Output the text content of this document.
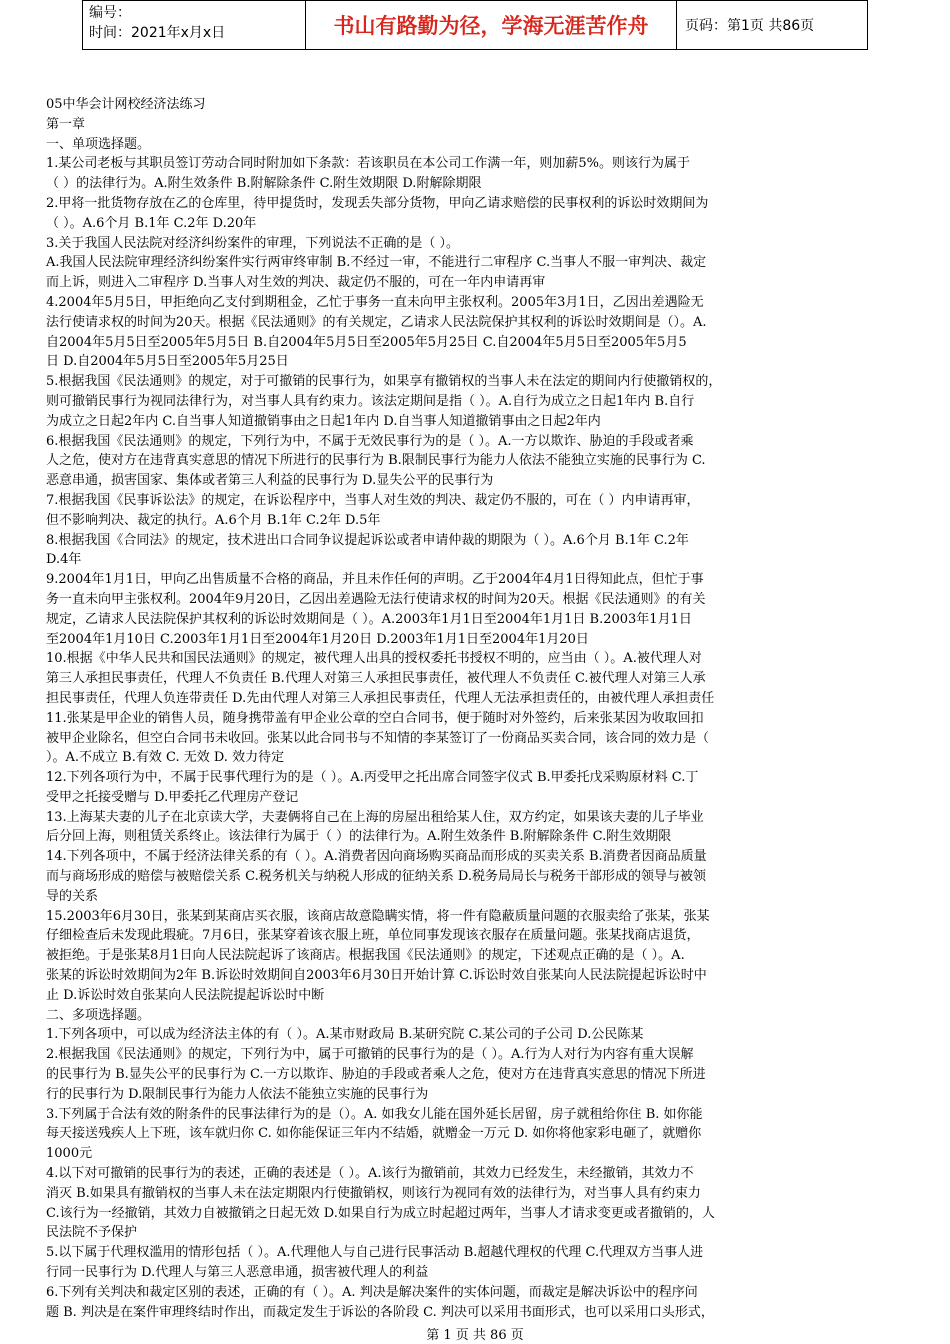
编号：
时间：2021年x月x日	书山有路勤为径，学海无涯苦作舟	页码：第1页 共86页

05中华会计网校经济法练习

第一章

一、单项选择题。

1.某公司老板与其职员签订劳动合同时附加如下条款：若该职员在本公司工作满一年，则加薪5%。则该行为属于

（ ）的法律行为。A.附生效条件 B.附解除条件 C.附生效期限 D.附解除期限

2.甲将一批货物存放在乙的仓库里，待甲提货时，发现丢失部分货物，甲向乙请求赔偿的民事权利的诉讼时效期间为

（ ）。A.6个月 B.1年 C.2年 D.20年

3.关于我国人民法院对经济纠纷案件的审理，下列说法不正确的是（ ）。

A.我国人民法院审理经济纠纷案件实行两审终审制 B.不经过一审，不能进行二审程序 C.当事人不服一审判决、裁定

而上诉，则进入二审程序 D.当事人对生效的判决、裁定仍不服的，可在一年内申请再审

4.2004年5月5日，甲拒绝向乙支付到期租金，乙忙于事务一直未向甲主张权利。2005年3月1日，乙因出差遇险无

法行使请求权的时间为20天。根据《民法通则》的有关规定，乙请求人民法院保护其权利的诉讼时效期间是（）。A.

自2004年5月5日至2005年5月5日 B.自2004年5月5日至2005年5月25日 C.自2004年5月5日至2005年5月5

日 D.自2004年5月5日至2005年5月25日

5.根据我国《民法通则》的规定，对于可撤销的民事行为，如果享有撤销权的当事人未在法定的期间内行使撤销权的，

则可撤销民事行为视同法律行为，对当事人具有约束力。该法定期间是指（ ）。A.自行为成立之日起1年内 B.自行

为成立之日起2年内 C.自当事人知道撤销事由之日起1年内 D.自当事人知道撤销事由之日起2年内

6.根据我国《民法通则》的规定，下列行为中，不属于无效民事行为的是（ ）。A.一方以欺诈、胁迫的手段或者乘

人之危，使对方在违背真实意思的情况下所进行的民事行为 B.限制民事行为能力人依法不能独立实施的民事行为 C.

恶意串通，损害国家、集体或者第三人利益的民事行为 D.显失公平的民事行为

7.根据我国《民事诉讼法》的规定，在诉讼程序中，当事人对生效的判决、裁定仍不服的，可在（ ）内申请再审，

但不影响判决、裁定的执行。A.6个月 B.1年 C.2年 D.5年

8.根据我国《合同法》的规定，技术进出口合同争议提起诉讼或者申请仲裁的期限为（ ）。A.6个月 B.1年 C.2年

D.4年

9.2004年1月1日，甲向乙出售质量不合格的商品，并且未作任何的声明。乙于2004年4月1日得知此点，但忙于事

务一直未向甲主张权利。2004年9月20日，乙因出差遇险无法行使请求权的时间为20天。根据《民法通则》的有关

规定，乙请求人民法院保护其权利的诉讼时效期间是（ ）。A.2003年1月1日至2004年1月1日 B.2003年1月1日

至2004年1月10日 C.2003年1月1日至2004年1月20日 D.2003年1月1日至2004年1月20日

10.根据《中华人民共和国民法通则》的规定，被代理人出具的授权委托书授权不明的，应当由（ ）。A.被代理人对

第三人承担民事责任，代理人不负责任 B.代理人对第三人承担民事责任，被代理人不负责任 C.被代理人对第三人承

担民事责任，代理人负连带责任 D.先由代理人对第三人承担民事责任，代理人无法承担责任的，由被代理人承担责任

11.张某是甲企业的销售人员，随身携带盖有甲企业公章的空白合同书，便于随时对外签约，后来张某因为收取回扣

被甲企业除名，但空白合同书未收回。张某以此合同书与不知情的李某签订了一份商品买卖合同，该合同的效力是（

）。A.不成立 B.有效 C. 无效 D. 效力待定

12.下列各项行为中，不属于民事代理行为的是（ ）。A.丙受甲之托出席合同签字仪式 B.甲委托戊采购原材料 C.丁

受甲之托接受赠与 D.甲委托乙代理房产登记

13.上海某夫妻的儿子在北京读大学，夫妻俩将自己在上海的房屋出租给某人住，双方约定，如果该夫妻的儿子毕业

后分回上海，则租赁关系终止。该法律行为属于（ ）的法律行为。A.附生效条件 B.附解除条件 C.附生效期限

14.下列各项中，不属于经济法律关系的有（ ）。A.消费者因向商场购买商品而形成的买卖关系 B.消费者因商品质量

而与商场形成的赔偿与被赔偿关系 C.税务机关与纳税人形成的征纳关系 D.税务局局长与税务干部形成的领导与被领

导的关系

15.2003年6月30日，张某到某商店买衣服，该商店故意隐瞒实情，将一件有隐蔽质量问题的衣服卖给了张某，张某

仔细检查后未发现此瑕疵。7月6日，张某穿着该衣服上班，单位同事发现该衣服存在质量问题。张某找商店退货，

被拒绝。于是张某8月1日向人民法院起诉了该商店。根据我国《民法通则》的规定，下述观点正确的是（ ）。A.

张某的诉讼时效期间为2年 B.诉讼时效期间自2003年6月30日开始计算 C.诉讼时效自张某向人民法院提起诉讼时中

止 D.诉讼时效自张某向人民法院提起诉讼时中断

二、多项选择题。

1.下列各项中，可以成为经济法主体的有（ ）。A.某市财政局 B.某研究院 C.某公司的子公司 D.公民陈某

2.根据我国《民法通则》的规定，下列行为中，属于可撤销的民事行为的是（ ）。A.行为人对行为内容有重大误解

的民事行为 B.显失公平的民事行为 C.一方以欺诈、胁迫的手段或者乘人之危，使对方在违背真实意思的情况下所进

行的民事行为 D.限制民事行为能力人依法不能独立实施的民事行为

3.下列属于合法有效的附条件的民事法律行为的是（）。A. 如我女儿能在国外延长居留，房子就租给你住 B. 如你能

每天接送残疾人上下班，该车就归你 C. 如你能保证三年内不结婚，就赠金一万元 D. 如你将他家彩电砸了，就赠你

1000元

4.以下对可撤销的民事行为的表述，正确的表述是（ ）。A.该行为撤销前，其效力已经发生，未经撤销，其效力不

消灭 B.如果具有撤销权的当事人未在法定期限内行使撤销权，则该行为视同有效的法律行为，对当事人具有约束力

C.该行为一经撤销，其效力自被撤销之日起无效 D.如果自行为成立时起超过两年，当事人才请求变更或者撤销的，人

民法院不予保护

5.以下属于代理权滥用的情形包括（ ）。A.代理他人与自己进行民事活动 B.超越代理权的代理 C.代理双方当事人进

行同一民事行为 D.代理人与第三人恶意串通，损害被代理人的利益

6.下列有关判决和裁定区别的表述，正确的有（ ）。A. 判决是解决案件的实体问题，而裁定是解决诉讼中的程序问

题 B. 判决是在案件审理终结时作出，而裁定发生于诉讼的各阶段 C. 判决可以采用书面形式，也可以采用口头形式，

第 1 页 共 86 页
